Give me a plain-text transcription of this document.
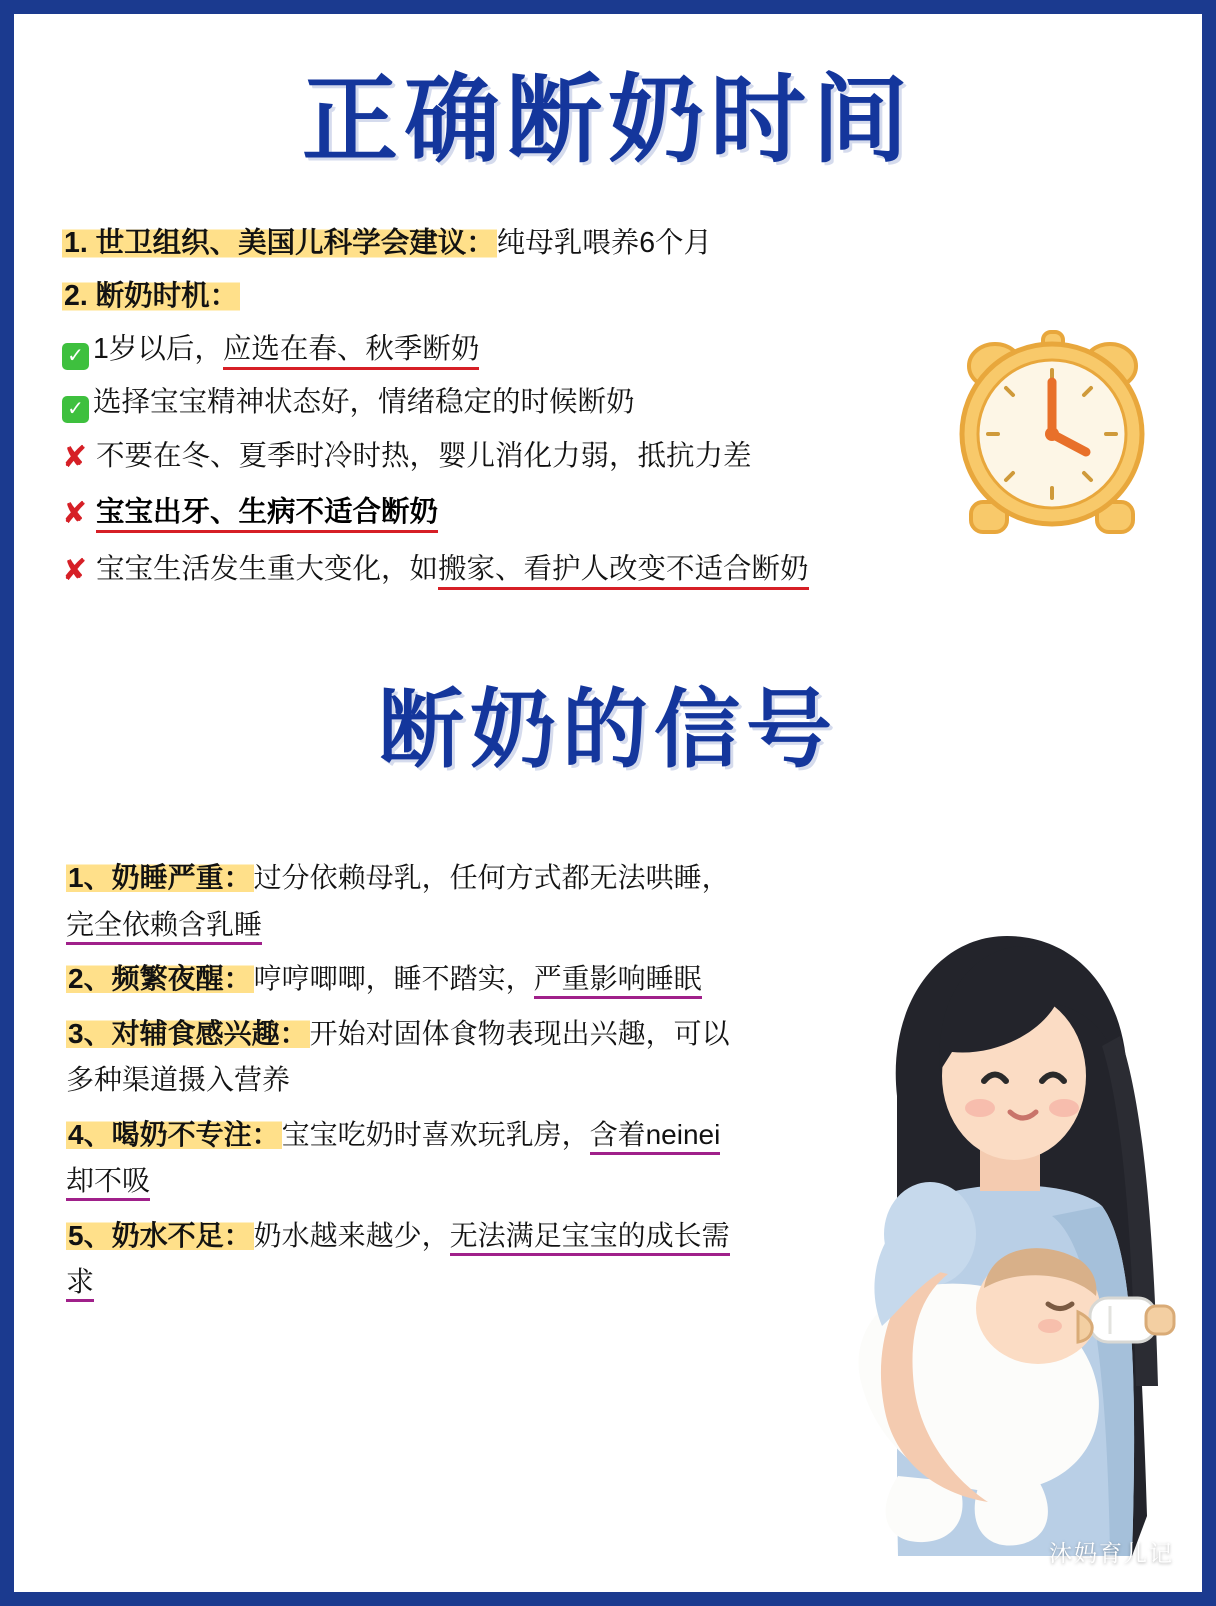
正确断奶时间
1. 世卫组织、美国儿科学会建议：纯母乳喂养6个月
2. 断奶时机：
✓ 1岁以后，应选在春、秋季断奶
✓ 选择宝宝精神状态好，情绪稳定的时候断奶
✘ 不要在冬、夏季时冷时热，婴儿消化力弱，抵抗力差
✘ 宝宝出牙、生病不适合断奶
✘ 宝宝生活发生重大变化，如搬家、看护人改变不适合断奶
断奶的信号
1、奶睡严重：过分依赖母乳，任何方式都无法哄睡，完全依赖含乳睡
2、频繁夜醒：哼哼唧唧，睡不踏实，严重影响睡眠
3、对辅食感兴趣：开始对固体食物表现出兴趣，可以多种渠道摄入营养
4、喝奶不专注：宝宝吃奶时喜欢玩乳房，含着neinei却不吸
5、奶水不足：奶水越来越少，无法满足宝宝的成长需求
沐妈育儿记
